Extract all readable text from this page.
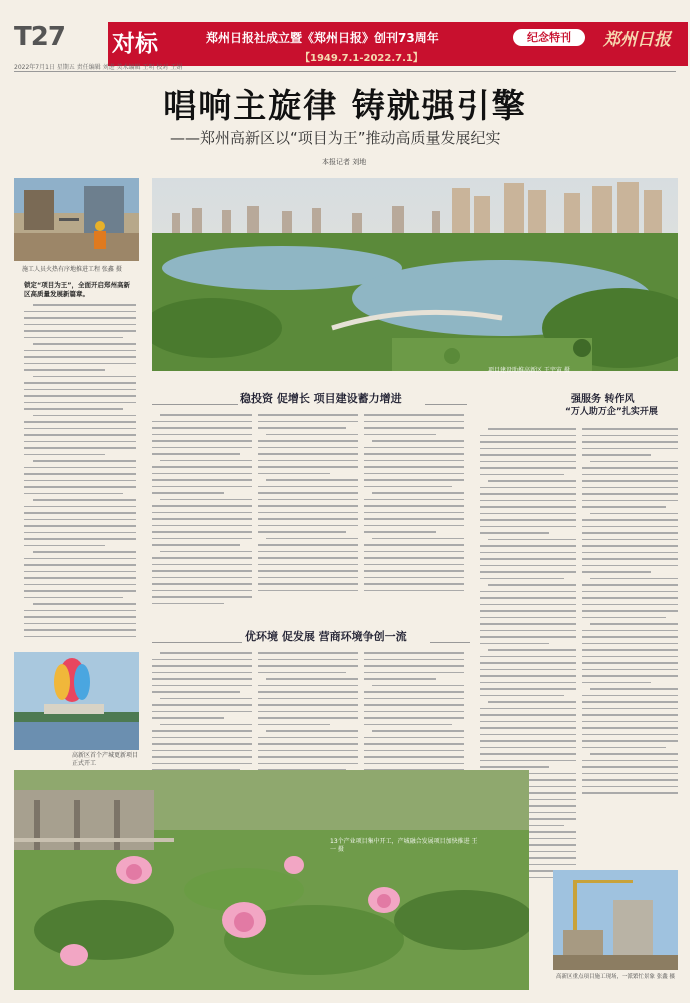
T27 对标	郑州日报社成立暨《郑州日报》创刊73周年	纪念特刊	郑州日报
【1949.7.1-2022.7.1】
2022年7月1日 星期五 责任编辑 刘进 美术编辑 王明 校对 王娟
唱响主旋律 铸就强引擎
——郑州高新区以“项目为王”推动高质量发展纪实
本报记者 刘地
施工人员火热有序地推进工程 张鑫 摄
项目建设助推高新区 王宇宙 摄
锁定“项目为王”，全面开启郑州高新区高质量发展新篇章。
稳投资 促增长 项目建设蓄力增进	强服务 转作风
“万人助万企”扎实开展
优环境 促发展 营商环境争创一流
高新区首个产城更新项目正式开工
13个产业项目集中开工，产城融合发展项目加快推进 王一 摄
高新区重点项目施工现场，一派繁忙景象 张鑫 摄
